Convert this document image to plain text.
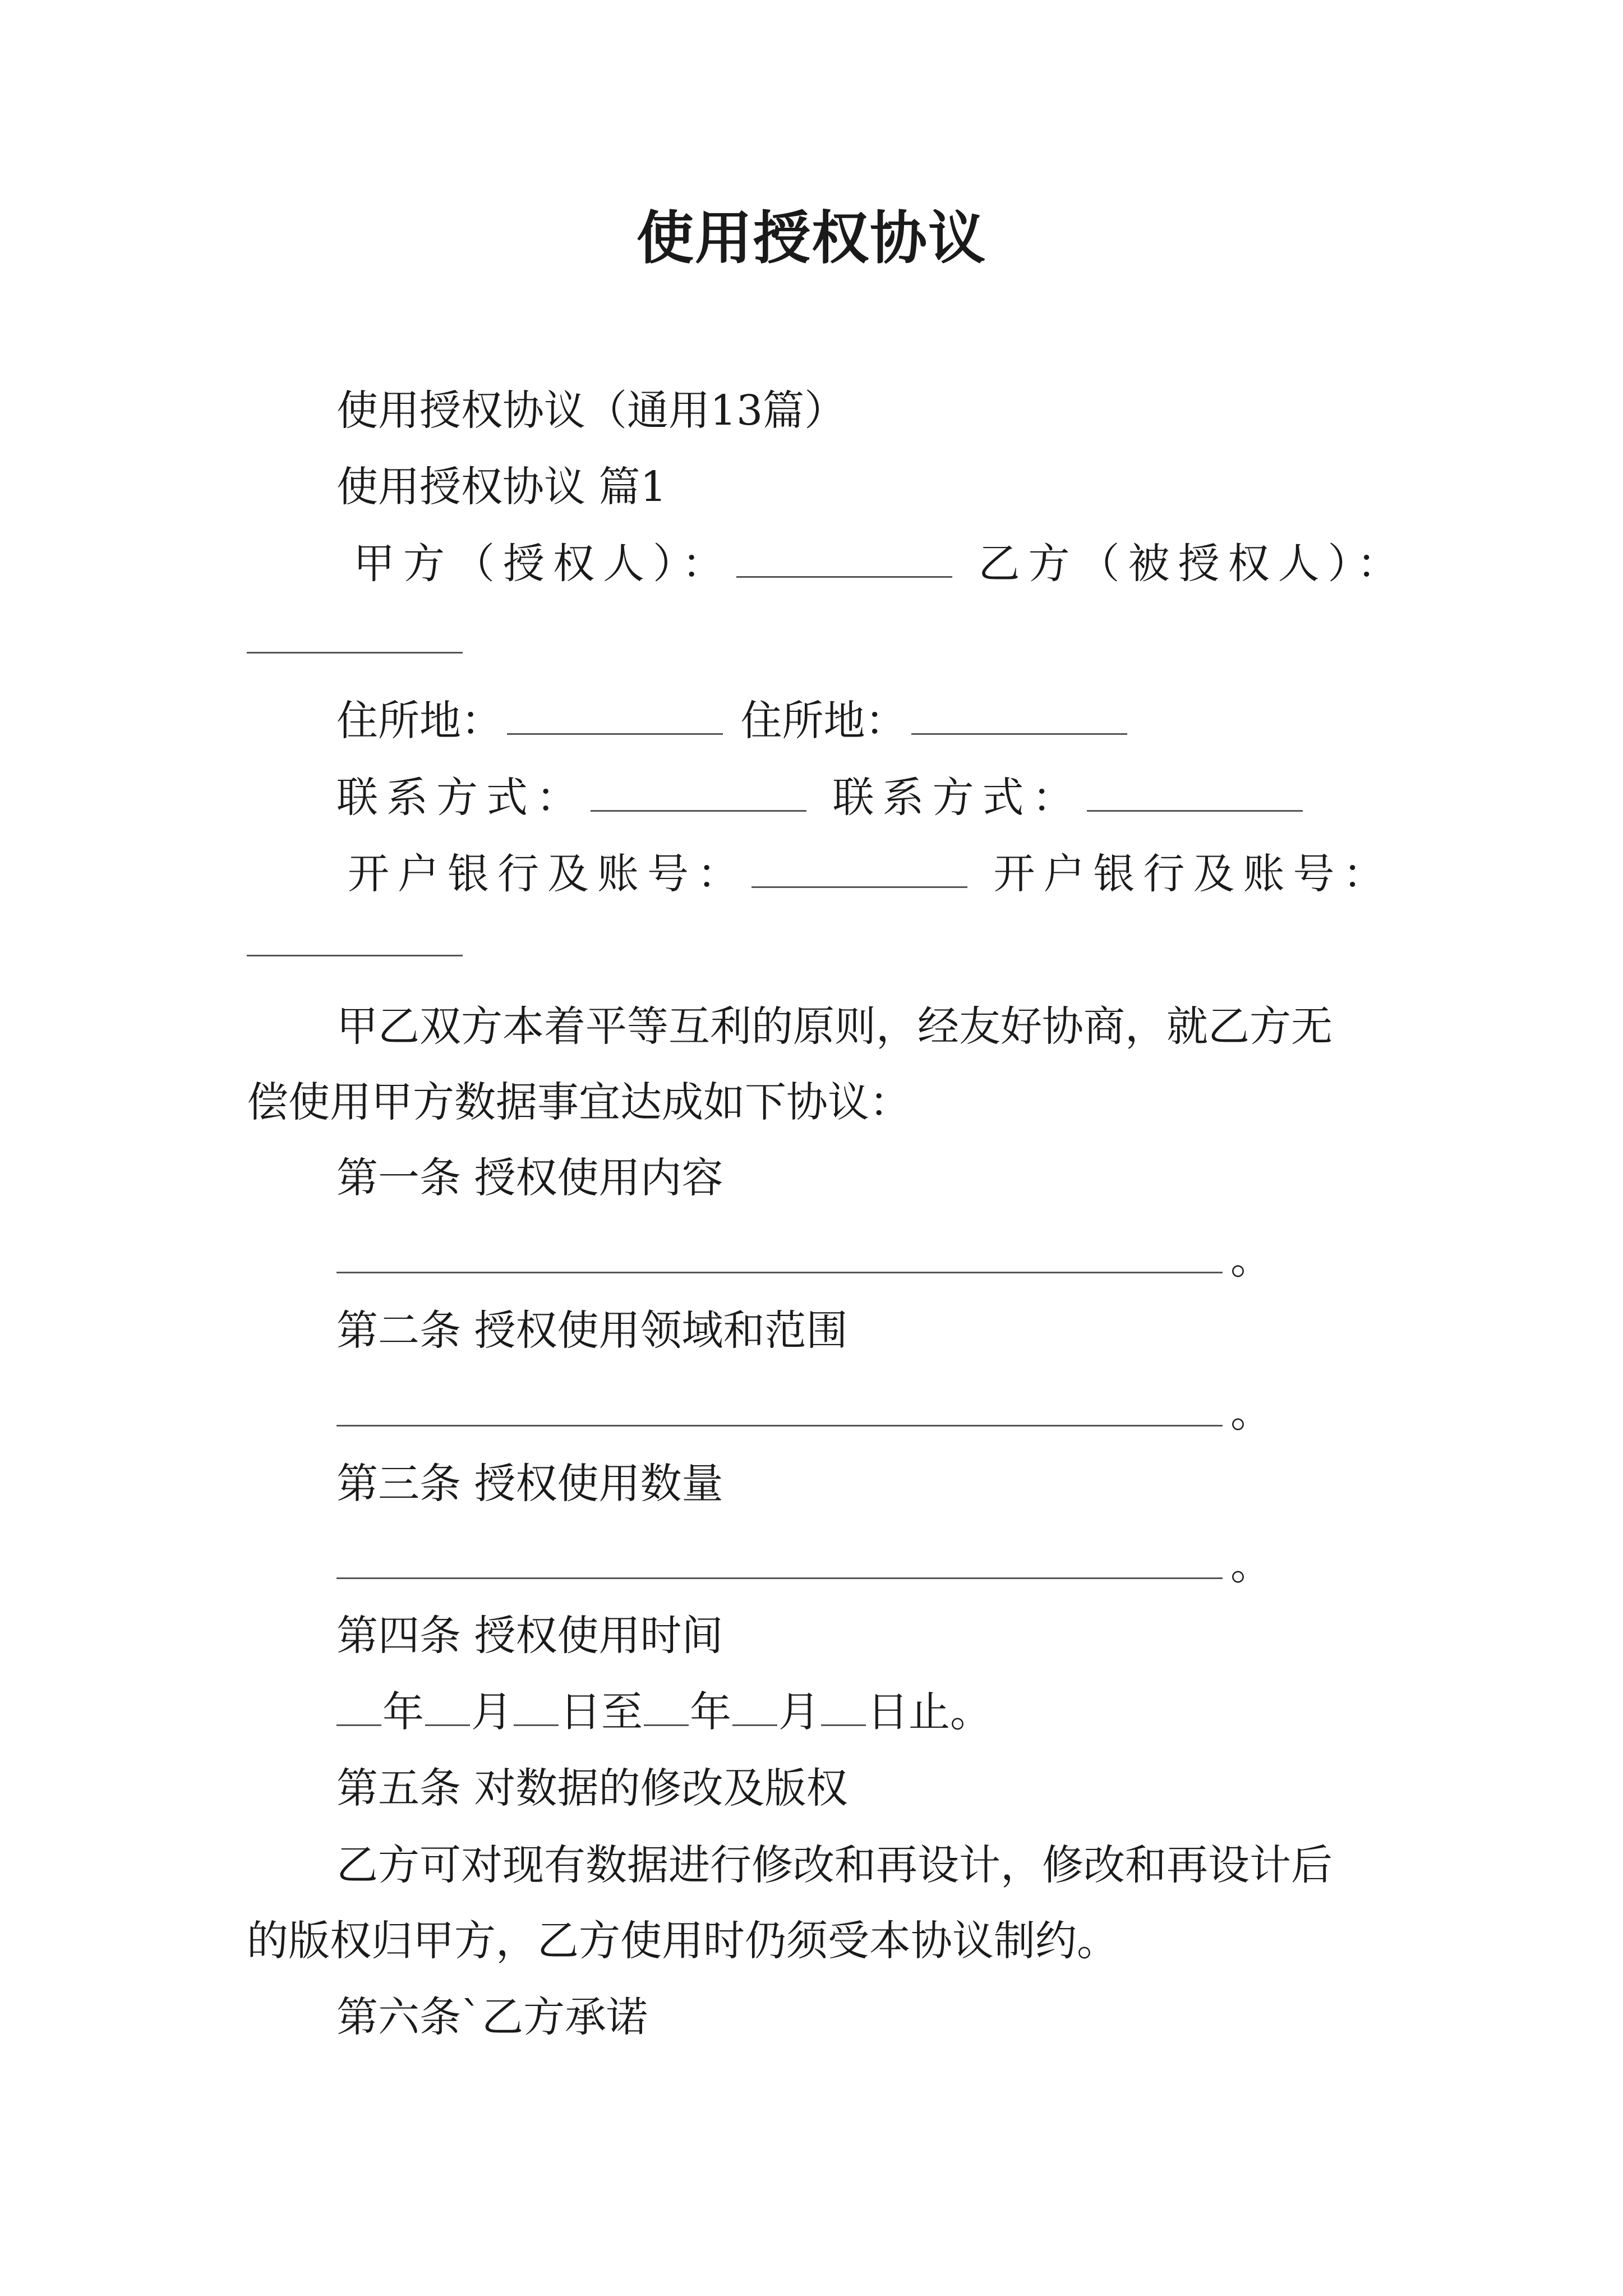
使用授权协议
使用授权协议（通用13篇）
使用授权协议 篇1
甲方（授权人）：	乙方（被授权人）：
住所地：	住所地：
联系方式：	联系方式：
开户银行及账号：	开户银行及账号：
甲乙双方本着平等互利的原则，经友好协商，就乙方无
偿使用甲方数据事宜达成如下协议：
第一条 授权使用内容
。
第二条 授权使用领域和范围
。
第三条 授权使用数量
。
第四条 授权使用时间
年 月 日至 年 月 日止。
第五条 对数据的修改及版权
乙方可对现有数据进行修改和再设计，修改和再设计后
的版权归甲方，乙方使用时仍须受本协议制约。
第六条`乙方承诺
